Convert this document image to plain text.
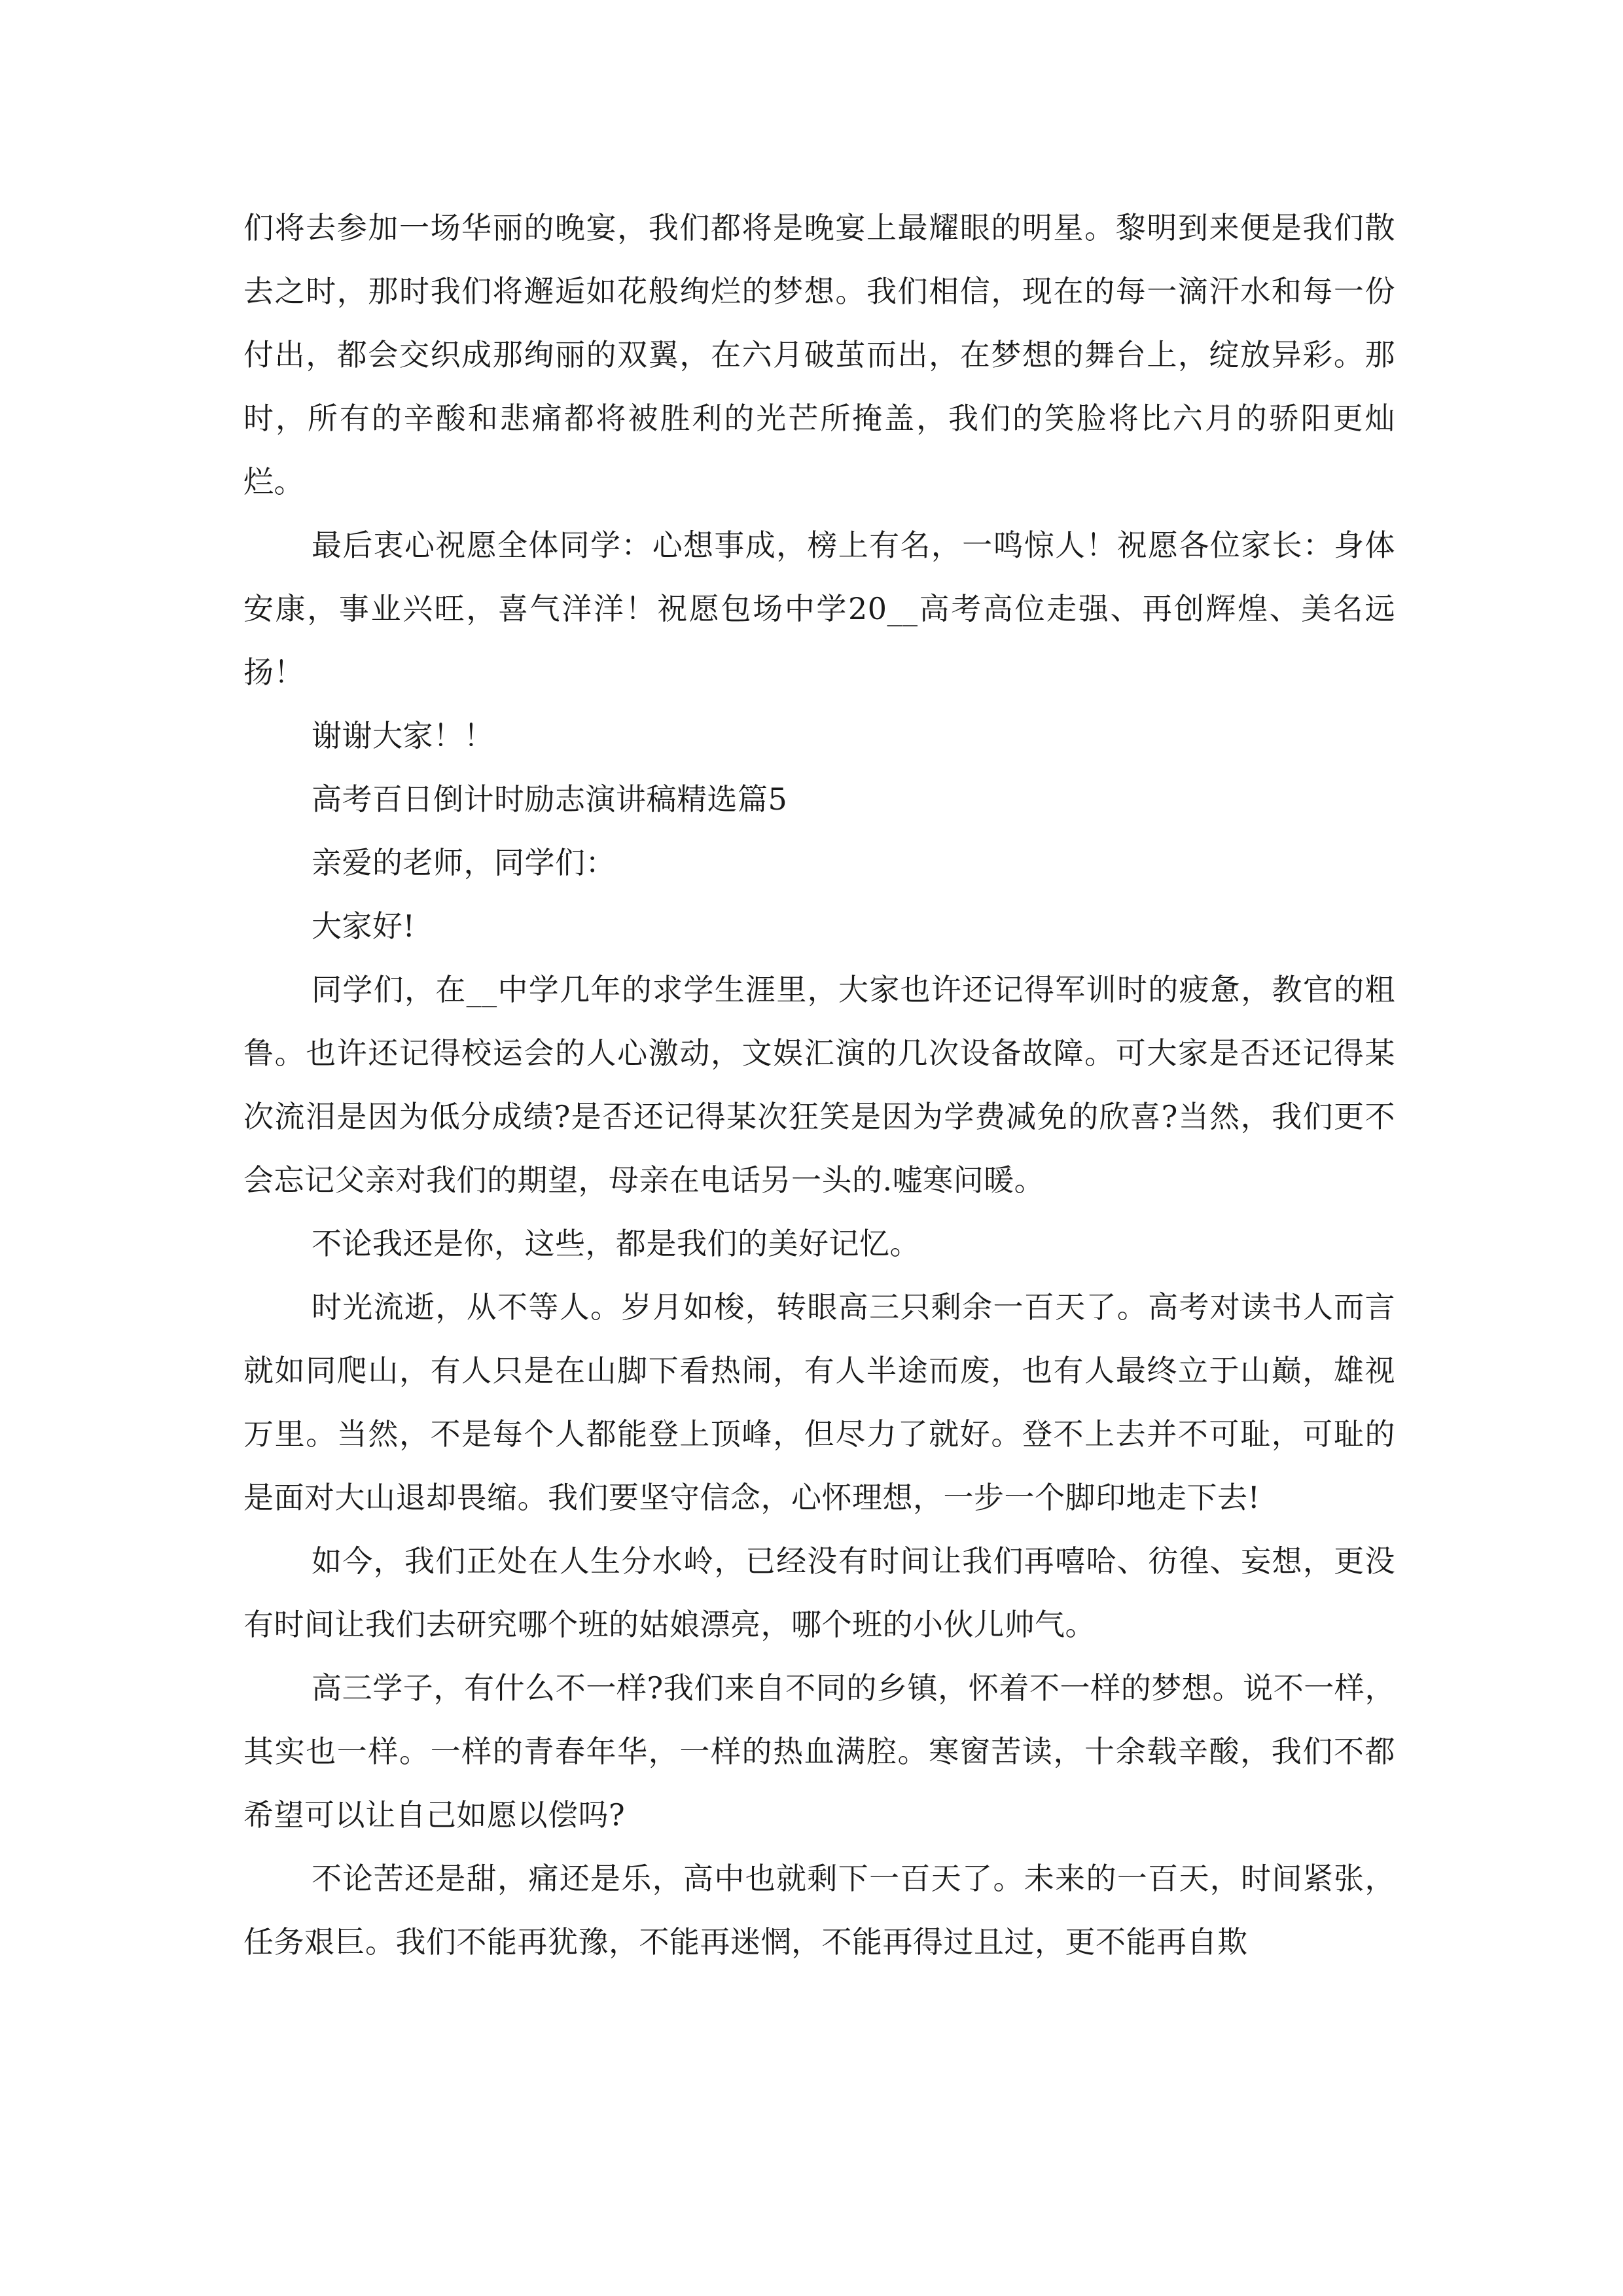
们将去参加一场华丽的晚宴，我们都将是晚宴上最耀眼的明星。黎明到来便是我们散去之时，那时我们将邂逅如花般绚烂的梦想。我们相信，现在的每一滴汗水和每一份付出，都会交织成那绚丽的双翼，在六月破茧而出，在梦想的舞台上，绽放异彩。那时，所有的辛酸和悲痛都将被胜利的光芒所掩盖，我们的笑脸将比六月的骄阳更灿烂。

最后衷心祝愿全体同学：心想事成，榜上有名，一鸣惊人！祝愿各位家长：身体安康，事业兴旺，喜气洋洋！祝愿包场中学20__高考高位走强、再创辉煌、美名远扬！

谢谢大家！！

高考百日倒计时励志演讲稿精选篇5

亲爱的老师，同学们：

大家好!

同学们，在__中学几年的求学生涯里，大家也许还记得军训时的疲惫，教官的粗鲁。也许还记得校运会的人心激动，文娱汇演的几次设备故障。可大家是否还记得某次流泪是因为低分成绩?是否还记得某次狂笑是因为学费减免的欣喜?当然，我们更不会忘记父亲对我们的期望，母亲在电话另一头的.嘘寒问暖。

不论我还是你，这些，都是我们的美好记忆。

时光流逝，从不等人。岁月如梭，转眼高三只剩余一百天了。高考对读书人而言就如同爬山，有人只是在山脚下看热闹，有人半途而废，也有人最终立于山巅，雄视万里。当然，不是每个人都能登上顶峰，但尽力了就好。登不上去并不可耻，可耻的是面对大山退却畏缩。我们要坚守信念，心怀理想，一步一个脚印地走下去!

如今，我们正处在人生分水岭，已经没有时间让我们再嘻哈、彷徨、妄想，更没有时间让我们去研究哪个班的姑娘漂亮，哪个班的小伙儿帅气。

高三学子，有什么不一样?我们来自不同的乡镇，怀着不一样的梦想。说不一样，其实也一样。一样的青春年华，一样的热血满腔。寒窗苦读，十余载辛酸，我们不都希望可以让自己如愿以偿吗?

不论苦还是甜，痛还是乐，高中也就剩下一百天了。未来的一百天，时间紧张，任务艰巨。我们不能再犹豫，不能再迷惘，不能再得过且过，更不能再自欺
